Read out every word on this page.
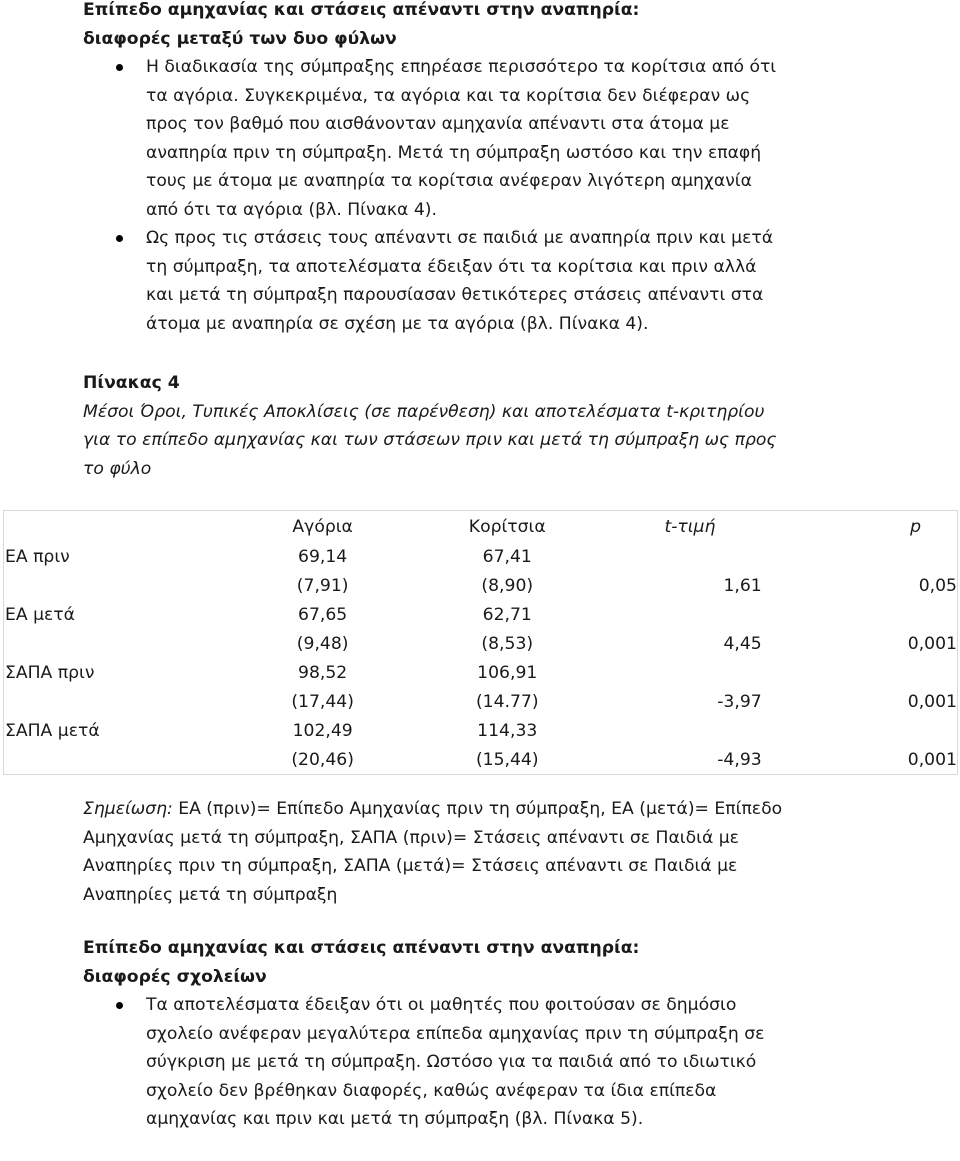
Επίπεδο αμηχανίας και στάσεις απέναντι στην αναπηρία:
διαφορές μεταξύ των δυο φύλων
Η διαδικασία της σύμπραξης επηρέασε περισσότερο τα κορίτσια από ότι τα αγόρια. Συγκεκριμένα, τα αγόρια και τα κορίτσια δεν διέφεραν ως προς τον βαθμό που αισθάνονταν αμηχανία απέναντι στα άτομα με αναπηρία πριν τη σύμπραξη. Μετά τη σύμπραξη ωστόσο και την επαφή τους με άτομα με αναπηρία τα κορίτσια ανέφεραν λιγότερη αμηχανία από ότι τα αγόρια (βλ. Πίνακα 4).
Ως προς τις στάσεις τους απέναντι σε παιδιά με αναπηρία πριν και μετά τη σύμπραξη, τα αποτελέσματα έδειξαν ότι τα κορίτσια και πριν αλλά και μετά τη σύμπραξη παρουσίασαν θετικότερες στάσεις απέναντι στα άτομα με αναπηρία σε σχέση με τα αγόρια (βλ. Πίνακα 4).
Πίνακας 4
Μέσοι Όροι, Τυπικές Αποκλίσεις (σε παρένθεση) και αποτελέσματα t-κριτηρίου για το επίπεδο αμηχανίας και των στάσεων πριν και μετά τη σύμπραξη ως προς το φύλο
	Αγόρια	Κορίτσια	t-τιμή	p
ΕΑ πριν	69,14	67,41		
	(7,91)	(8,90)	1,61	0,05
ΕΑ μετά	67,65	62,71		
	(9,48)	(8,53)	4,45	0,001
ΣΑΠΑ πριν	98,52	106,91		
	(17,44)	(14.77)	-3,97	0,001
ΣΑΠΑ μετά	102,49	114,33		
	(20,46)	(15,44)	-4,93	0,001
Σημείωση: ΕΑ (πριν)= Επίπεδο Αμηχανίας πριν τη σύμπραξη, ΕΑ (μετά)= Επίπεδο Αμηχανίας μετά τη σύμπραξη, ΣΑΠΑ (πριν)= Στάσεις απέναντι σε Παιδιά με Αναπηρίες πριν τη σύμπραξη, ΣΑΠΑ (μετά)= Στάσεις απέναντι σε Παιδιά με Αναπηρίες μετά τη σύμπραξη
Επίπεδο αμηχανίας και στάσεις απέναντι στην αναπηρία:
διαφορές σχολείων
Τα αποτελέσματα έδειξαν ότι οι μαθητές που φοιτούσαν σε δημόσιο σχολείο ανέφεραν μεγαλύτερα επίπεδα αμηχανίας πριν τη σύμπραξη σε σύγκριση με μετά τη σύμπραξη. Ωστόσο για τα παιδιά από το ιδιωτικό σχολείο δεν βρέθηκαν διαφορές, καθώς ανέφεραν τα ίδια επίπεδα αμηχανίας και πριν και μετά τη σύμπραξη (βλ. Πίνακα 5).
